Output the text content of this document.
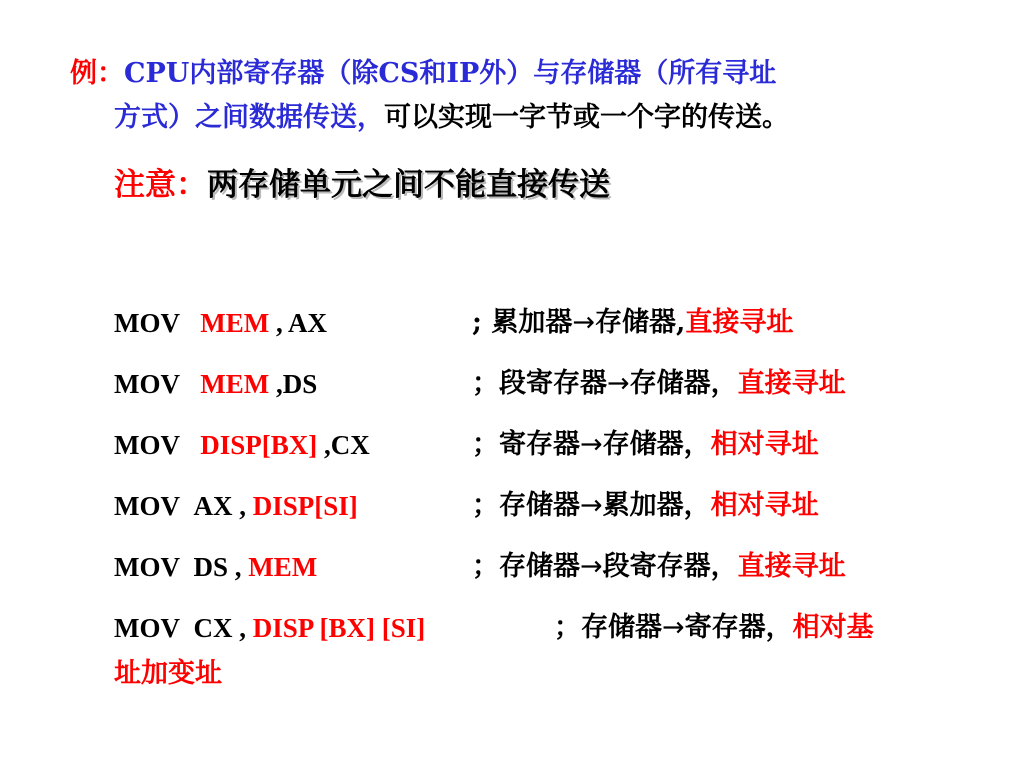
例：CPU内部寄存器（除CS和IP外）与存储器（所有寻址
方式）之间数据传送，可以实现一字节或一个字的传送。
注意：两存储单元之间不能直接传送
MOV MEM , AX	; 累加器→存储器,直接寻址
MOV MEM ,DS	；段寄存器→存储器，直接寻址
MOV DISP[BX] ,CX	；寄存器→存储器，相对寻址
MOV AX , DISP[SI]	；存储器→累加器，相对寻址
MOV DS , MEM	；存储器→段寄存器，直接寻址
MOV CX , DISP [BX] [SI]	；存储器→寄存器，相对基
址加变址
